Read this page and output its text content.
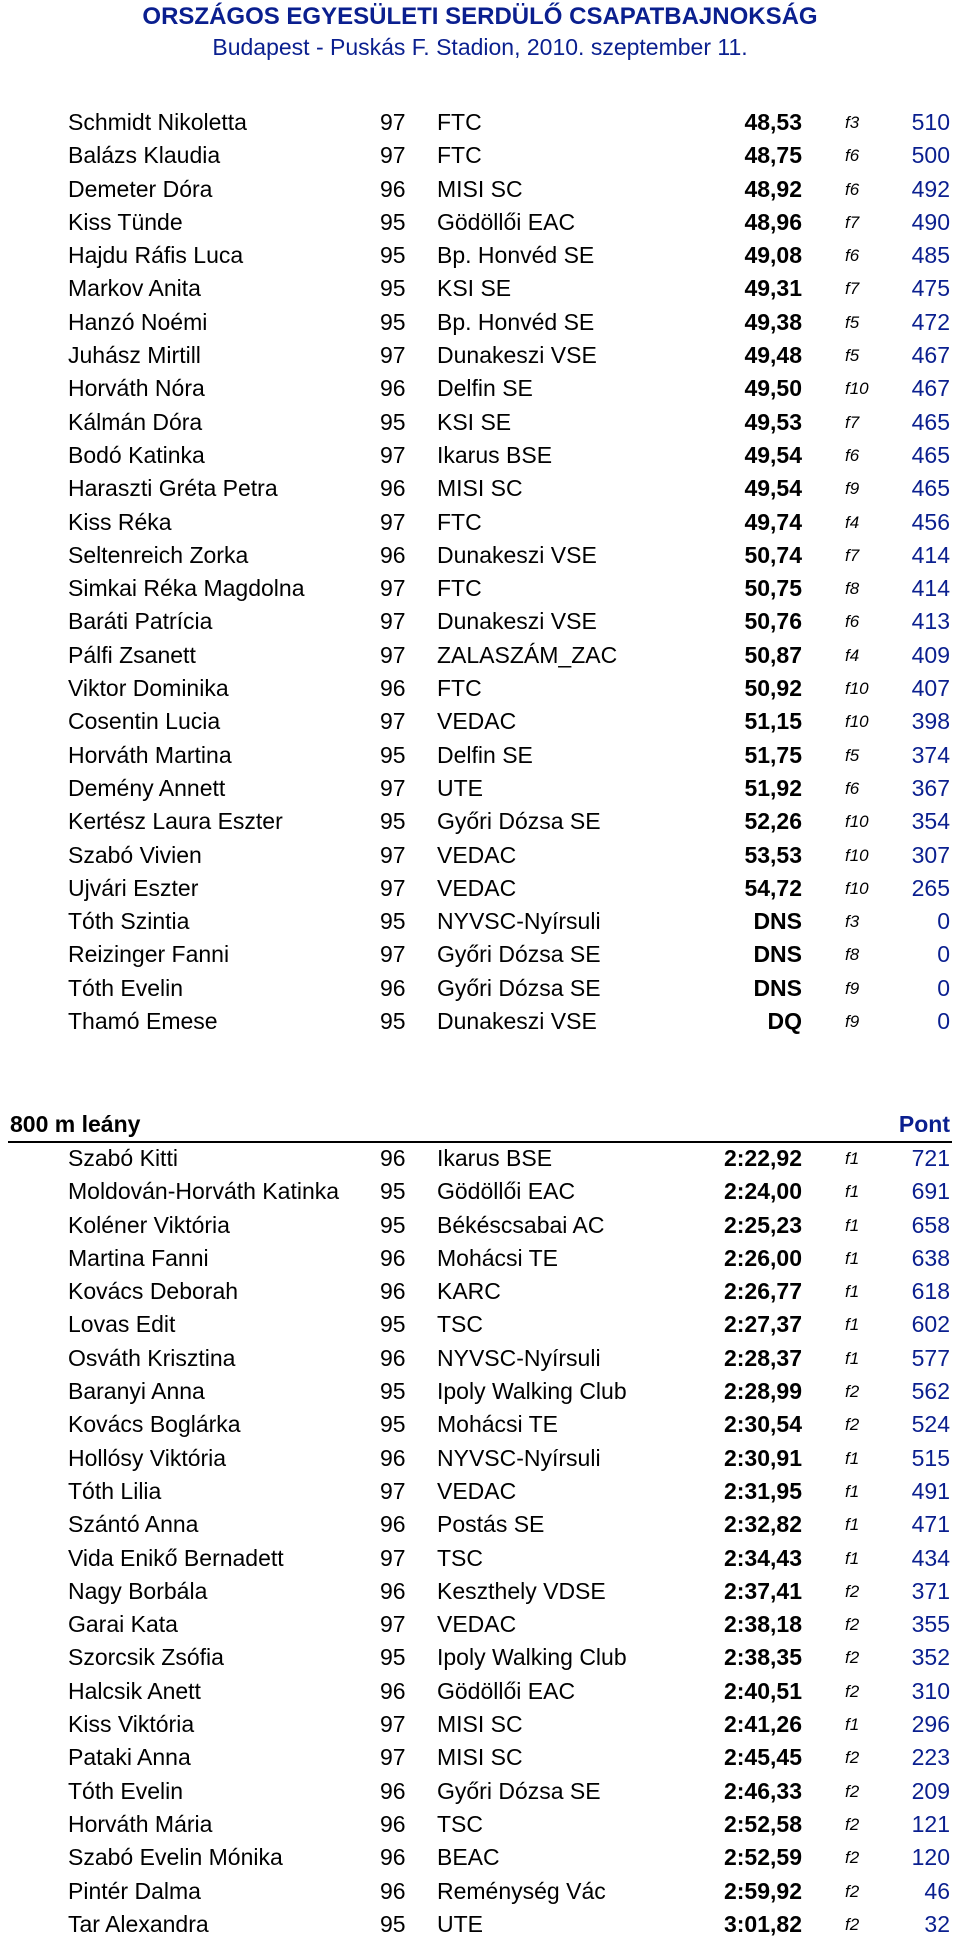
ORSZÁGOS EGYESÜLETI SERDÜLŐ CSAPATBAJNOKSÁG
Budapest - Puskás F. Stadion, 2010. szeptember 11.
Schmidt Nikoletta	97 FTC	48,53	f3 510
Balázs Klaudia	97 FTC	48,75	f6 500
Demeter Dóra	96 MISI SC	48,92	f6 492
Kiss Tünde	95 Gödöllői EAC	48,96	f7 490
Hajdu Ráfis Luca	95 Bp. Honvéd SE	49,08	f6 485
Markov Anita	95 KSI SE	49,31	f7 475
Hanzó Noémi	95 Bp. Honvéd SE	49,38	f5 472
Juhász Mirtill	97 Dunakeszi VSE	49,48	f5 467
Horváth Nóra	96 Delfin SE	49,50	f10 467
Kálmán Dóra	95 KSI SE	49,53	f7 465
Bodó Katinka	97 Ikarus BSE	49,54	f6 465
Haraszti Gréta Petra	96 MISI SC	49,54	f9 465
Kiss Réka	97 FTC	49,74	f4 456
Seltenreich Zorka	96 Dunakeszi VSE	50,74	f7 414
Simkai Réka Magdolna	97 FTC	50,75	f8 414
Baráti Patrícia	97 Dunakeszi VSE	50,76	f6 413
Pálfi Zsanett	97 ZALASZÁM_ZAC	50,87	f4 409
Viktor Dominika	96 FTC	50,92	f10 407
Cosentin Lucia	97 VEDAC	51,15	f10 398
Horváth Martina	95 Delfin SE	51,75	f5 374
Demény Annett	97 UTE	51,92	f6 367
Kertész Laura Eszter	95 Győri Dózsa SE	52,26	f10 354
Szabó Vivien	97 VEDAC	53,53	f10 307
Ujvári Eszter	97 VEDAC	54,72	f10 265
Tóth Szintia	95 NYVSC-Nyírsuli	DNS	f3	0
Reizinger Fanni	97 Győri Dózsa SE	DNS	f8	0
Tóth Evelin	96 Győri Dózsa SE	DNS	f9	0
Thamó Emese	95 Dunakeszi VSE	DQ	f9	0
800 m leány	Pont
Szabó Kitti	96 Ikarus BSE	2:22,92	f1 721
Moldován-Horváth Katinka	95 Gödöllői EAC	2:24,00	f1 691
Koléner Viktória	95 Békéscsabai AC	2:25,23	f1 658
Martina Fanni	96 Mohácsi TE	2:26,00	f1 638
Kovács Deborah	96 KARC	2:26,77	f1 618
Lovas Edit	95 TSC	2:27,37	f1 602
Osváth Krisztina	96 NYVSC-Nyírsuli	2:28,37	f1 577
Baranyi Anna	95 Ipoly Walking Club	2:28,99	f2 562
Kovács Boglárka	95 Mohácsi TE	2:30,54	f2 524
Hollósy Viktória	96 NYVSC-Nyírsuli	2:30,91	f1 515
Tóth Lilia	97 VEDAC	2:31,95	f1 491
Szántó Anna	96 Postás SE	2:32,82	f1 471
Vida Enikő Bernadett	97 TSC	2:34,43	f1 434
Nagy Borbála	96 Keszthely VDSE	2:37,41	f2 371
Garai Kata	97 VEDAC	2:38,18	f2 355
Szorcsik Zsófia	95 Ipoly Walking Club	2:38,35	f2 352
Halcsik Anett	96 Gödöllői EAC	2:40,51	f2 310
Kiss Viktória	97 MISI SC	2:41,26	f1 296
Pataki Anna	97 MISI SC	2:45,45	f2 223
Tóth Evelin	96 Győri Dózsa SE	2:46,33	f2 209
Horváth Mária	96 TSC	2:52,58	f2 121
Szabó Evelin Mónika	96 BEAC	2:52,59	f2 120
Pintér Dalma	96 Reménység Vác	2:59,92	f2	46
Tar Alexandra	95 UTE	3:01,82	f2	32
